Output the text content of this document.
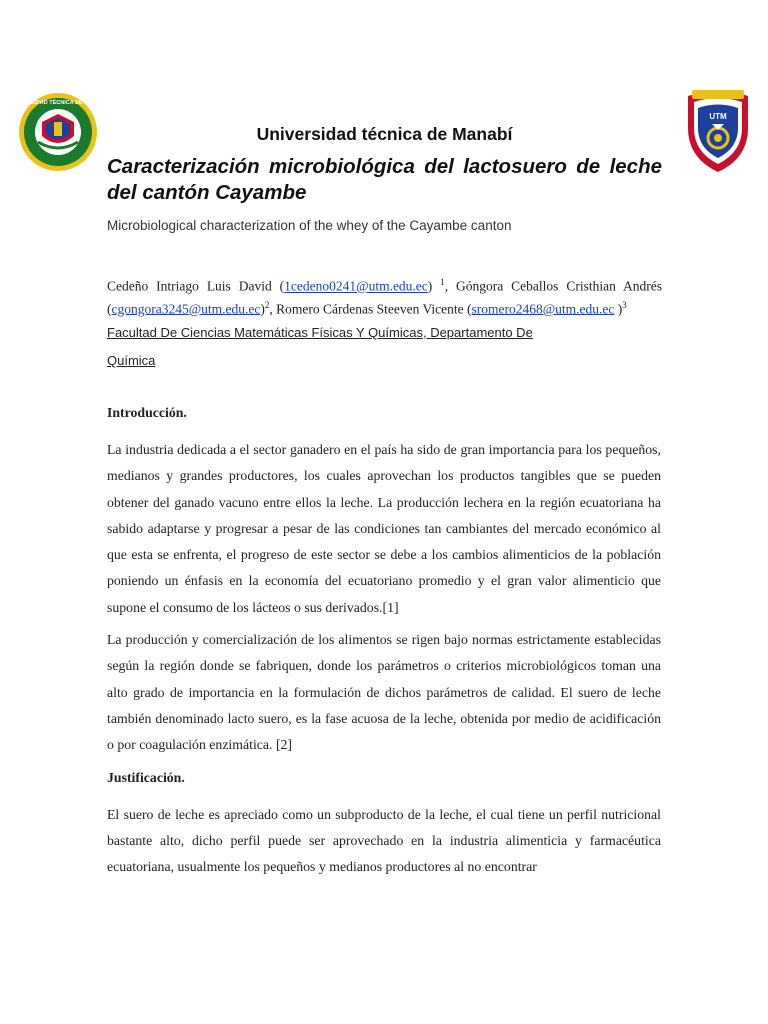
UNIVERSIDAD TÉCNICA DE MANABÍ
UTM
Universidad técnica de Manabí
Caracterización microbiológica del lactosuero de leche del cantón Cayambe
Microbiological characterization of the whey of the Cayambe canton
Cedeño Intriago Luis David (1cedeno0241@utm.edu.ec) $^1$, Góngora Ceballos Cristhian Andrés (cgongora3245@utm.edu.ec)$^2$, Romero Cárdenas Steeven Vicente (sromero2468@utm.edu.ec )$^3$
Facultad De Ciencias Matemáticas Físicas Y Químicas, Departamento De
Química

Introducción.

La industria dedicada a el sector ganadero en el país ha sido de gran importancia para los pequeños, medianos y grandes productores, los cuales aprovechan los productos tangibles que se pueden obtener del ganado vacuno entre ellos la leche. La producción lechera en la región ecuatoriana ha sabido adaptarse y progresar a pesar de las condiciones tan cambiantes del mercado económico al que esta se enfrenta, el progreso de este sector se debe a los cambios alimenticios de la población poniendo un énfasis en la economía del ecuatoriano promedio y el gran valor alimenticio que supone el consumo de los lácteos o sus derivados.[1]

La producción y comercialización de los alimentos se rigen bajo normas estrictamente establecidas según la región donde se fabriquen, donde los parámetros o criterios microbiológicos toman una alto grado de importancia en la formulación de dichos parámetros de calidad. El suero de leche también denominado lacto suero, es la fase acuosa de la leche, obtenida por medio de acidificación o por coagulación enzimática. [2]

Justificación.

El suero de leche es apreciado como un subproducto de la leche, el cual tiene un perfil nutricional bastante alto, dicho perfil puede ser aprovechado en la industria alimenticia y farmacéutica ecuatoriana, usualmente los pequeños y medianos productores al no encontrar
